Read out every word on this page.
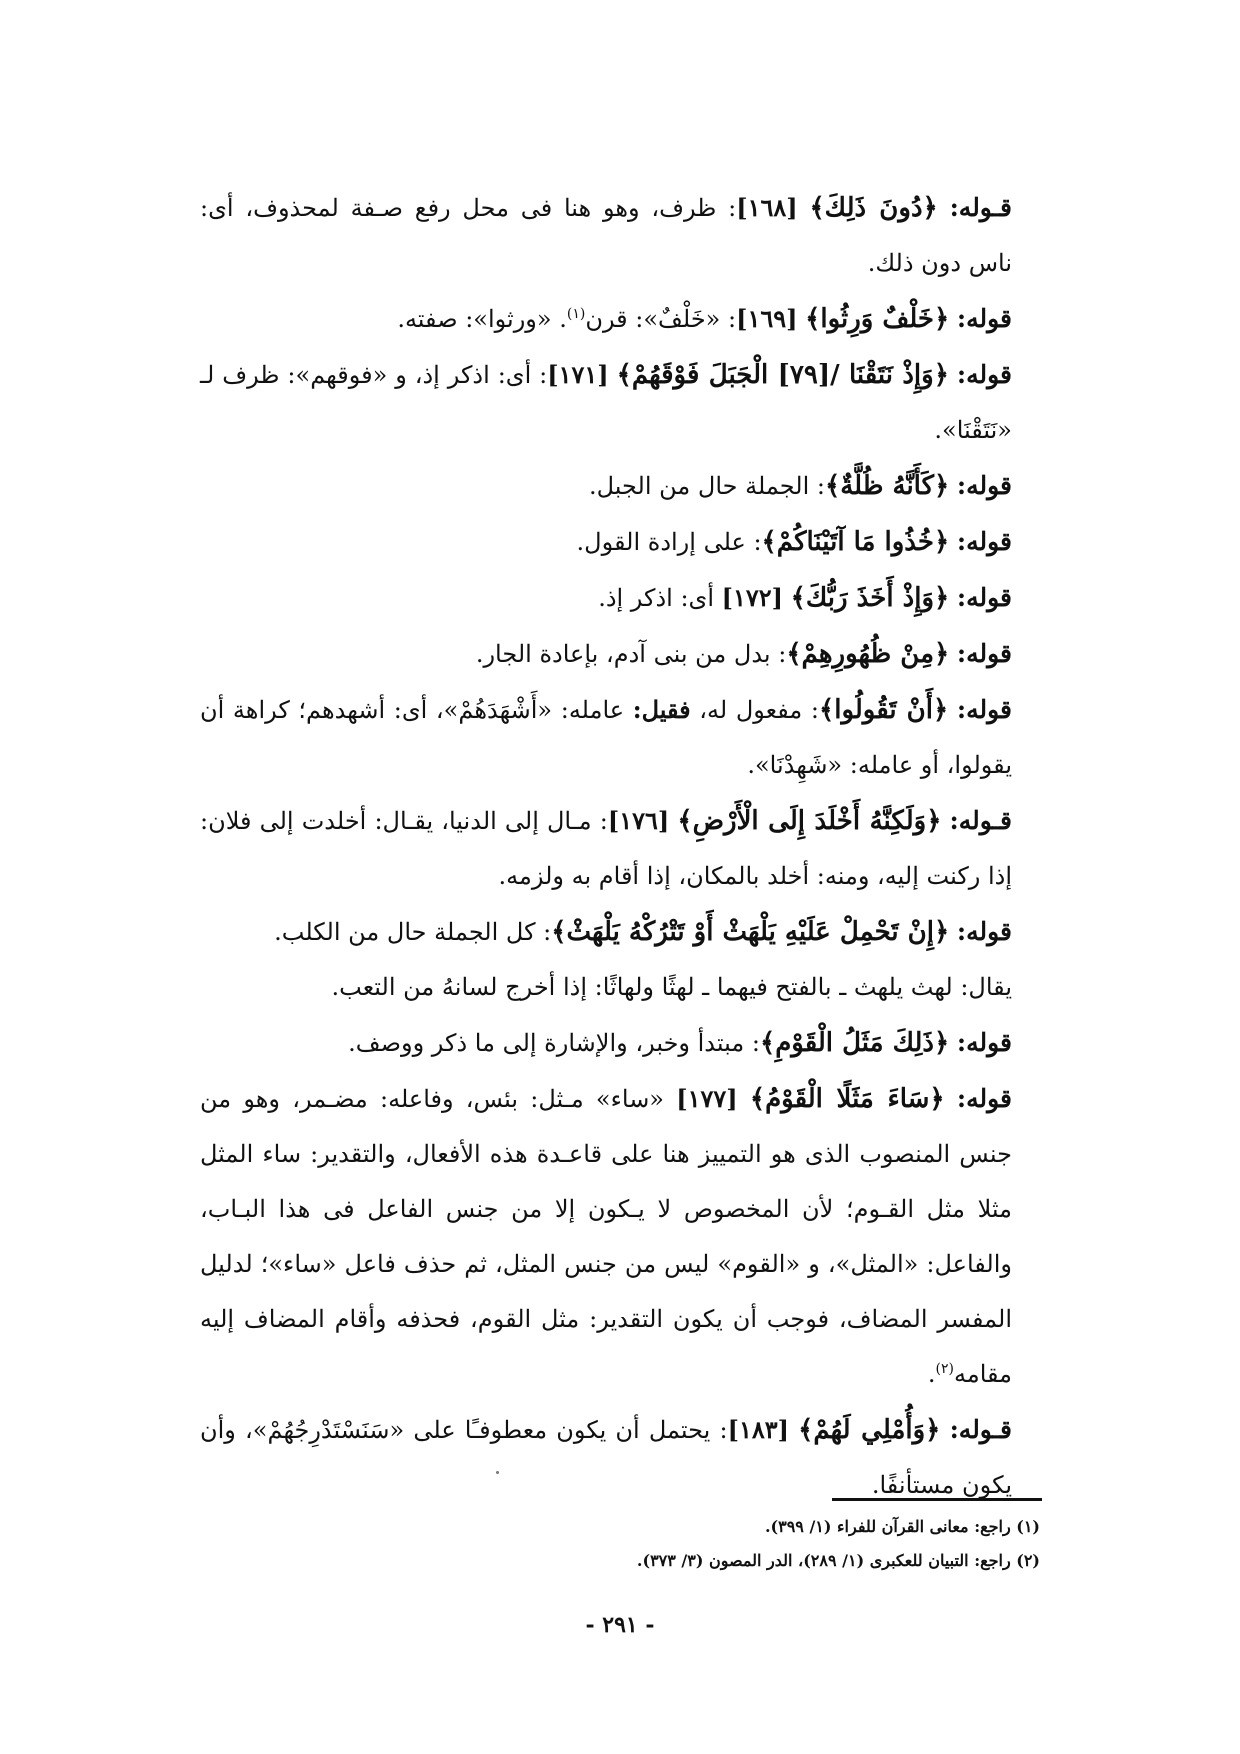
قـوله: ﴿دُونَ ذَلِكَ﴾ [١٦٨]: ظرف، وهو هنا فى محل رفع صـفة لمحذوف، أى: ناس دون ذلك.

قوله: ﴿خَلْفٌ وَرِثُوا﴾ [١٦٩]: «خَلْفٌ»: قرن$^{(١)}$. «ورثوا»: صفته.

قوله: ﴿وَإِذْ نَتَقْنَا /[٧٩] الْجَبَلَ فَوْقَهُمْ﴾ [١٧١]: أى: اذكر إذ، و «فوقهم»: ظرف لـ «نَتَقْنَا».

قوله: ﴿كَأَنَّهُ ظُلَّةٌ﴾: الجملة حال من الجبل.

قوله: ﴿خُذُوا مَا آتَيْنَاكُمْ﴾: على إرادة القول.

قوله: ﴿وَإِذْ أَخَذَ رَبُّكَ﴾ [١٧٢] أى: اذكر إذ.

قوله: ﴿مِنْ ظُهُورِهِمْ﴾: بدل من بنى آدم، بإعادة الجار.

قوله: ﴿أَنْ تَقُولُوا﴾: مفعول له، فقيل: عامله: «أَشْهَدَهُمْ»، أى: أشهدهم؛ كراهة أن يقولوا، أو عامله: «شَهِدْنَا».

قـوله: ﴿وَلَكِنَّهُ أَخْلَدَ إِلَى الْأَرْضِ﴾ [١٧٦]: مـال إلى الدنيا، يقـال: أخلدت إلى فلان: إذا ركنت إليه، ومنه: أخلد بالمكان، إذا أقام به ولزمه.

قوله: ﴿إِنْ تَحْمِلْ عَلَيْهِ يَلْهَثْ أَوْ تَتْرُكْهُ يَلْهَثْ﴾: كل الجملة حال من الكلب.

يقال: لهث يلهث ـ بالفتح فيهما ـ لهثًا ولهاثًا: إذا أخرج لسانهُ من التعب.

قوله: ﴿ذَلِكَ مَثَلُ الْقَوْمِ﴾: مبتدأ وخبر، والإشارة إلى ما ذكر ووصف.

قوله: ﴿سَاءَ مَثَلًا الْقَوْمُ﴾ [١٧٧] «ساء» مـثل: بئس، وفاعله: مضـمر، وهو من جنس المنصوب الذى هو التمييز هنا على قاعـدة هذه الأفعال، والتقدير: ساء المثل مثلا مثل القـوم؛ لأن المخصوص لا يـكون إلا من جنس الفاعل فى هذا البـاب، والفاعل: «المثل»، و «القوم» ليس من جنس المثل، ثم حذف فاعل «ساء»؛ لدليل المفسر المضاف، فوجب أن يكون التقدير: مثل القوم، فحذفه وأقام المضاف إليه مقامه$^{(٢)}$.

قـوله: ﴿وَأُمْلِي لَهُمْ﴾ [١٨٣]: يحتمل أن يكون معطوفـًا على «سَنَسْتَدْرِجُهُمْ»، وأن يكون مستأنفًا.

(١) راجع: معانى القرآن للفراء (١/ ٣٩٩).

(٢) راجع: التبيان للعكبرى (١/ ٢٨٩)، الدر المصون (٣/ ٣٧٣).

- ٢٩١ -
